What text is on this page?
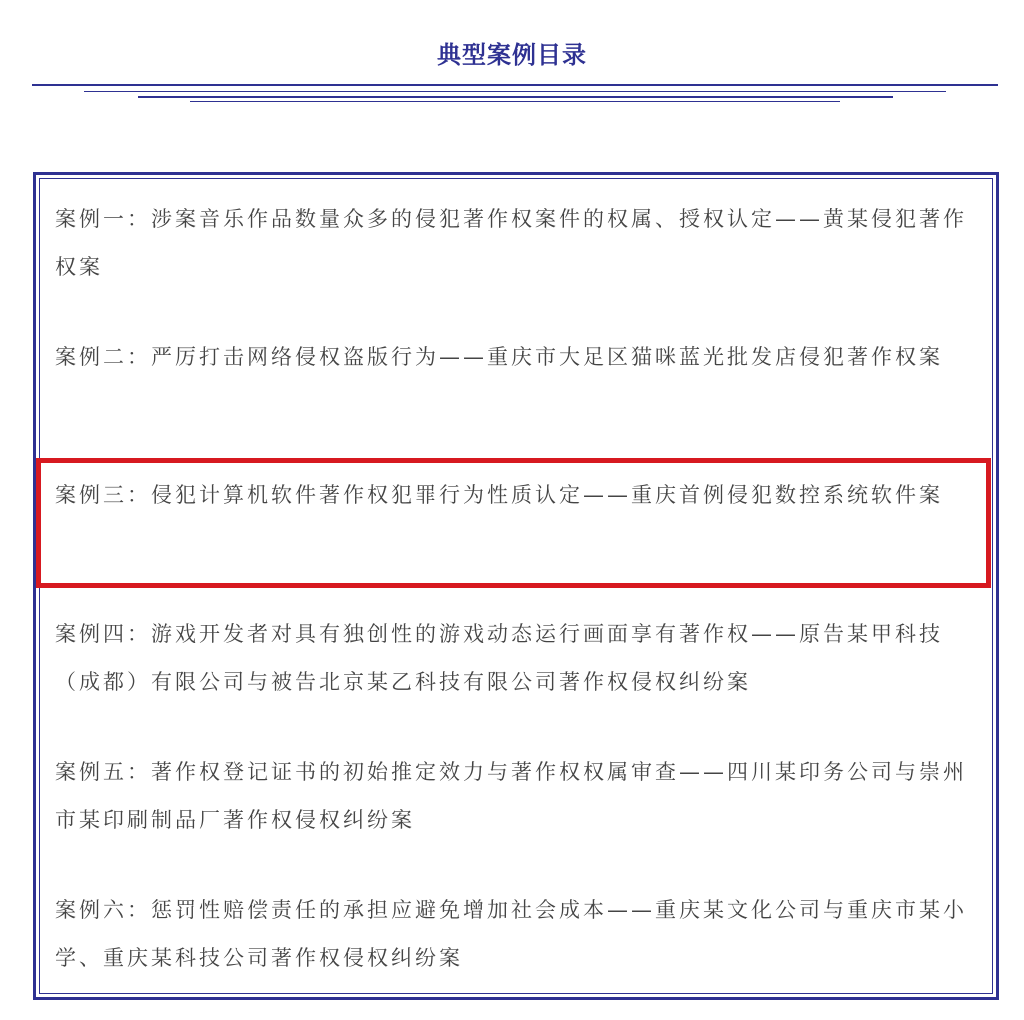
典型案例目录

案例一：涉案音乐作品数量众多的侵犯著作权案件的权属、授权认定——黄某侵犯著作权案

案例二：严厉打击网络侵权盗版行为——重庆市大足区猫咪蓝光批发店侵犯著作权案

案例三：侵犯计算机软件著作权犯罪行为性质认定——重庆首例侵犯数控系统软件案

案例四：游戏开发者对具有独创性的游戏动态运行画面享有著作权——原告某甲科技（成都）有限公司与被告北京某乙科技有限公司著作权侵权纠纷案

案例五：著作权登记证书的初始推定效力与著作权权属审查——四川某印务公司与崇州市某印刷制品厂著作权侵权纠纷案

案例六：惩罚性赔偿责任的承担应避免增加社会成本——重庆某文化公司与重庆市某小学、重庆某科技公司著作权侵权纠纷案
